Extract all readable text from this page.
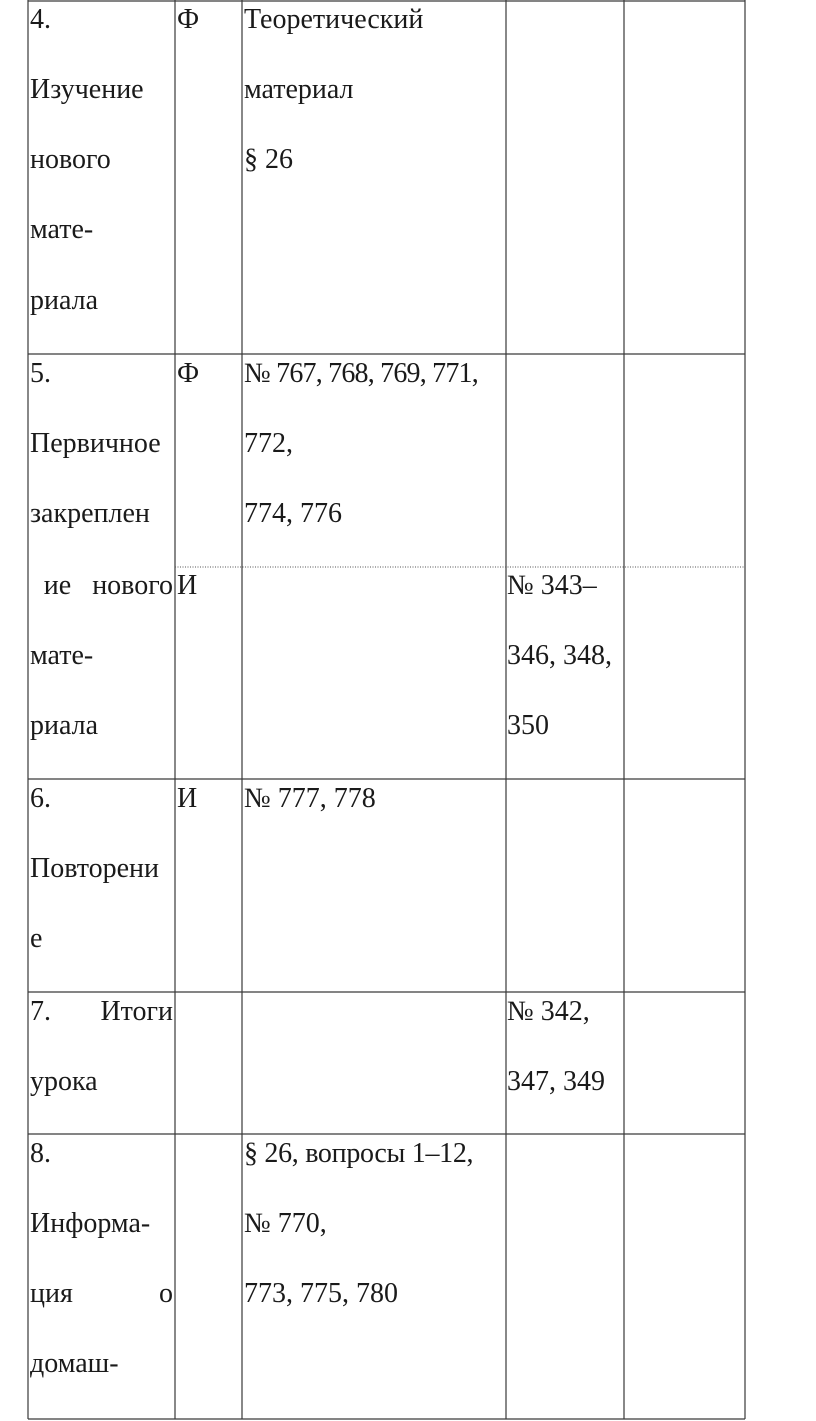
4.
Изучение
нового
мате-
риала
Ф Теоретический
материал
§ 26
5.
Первичное
закреплен
ие   нового
мате-
риала
Ф № 767, 768, 769, 771,
772,
774, 776
И	№ 343–
346, 348,
350
6.
Повторени
е
И № 777, 778
7. Итоги
урока
№ 342,
347, 349
8.
Информа-
ция	о
домаш-
§ 26, вопросы 1–12,
№ 770,
773, 775, 780
